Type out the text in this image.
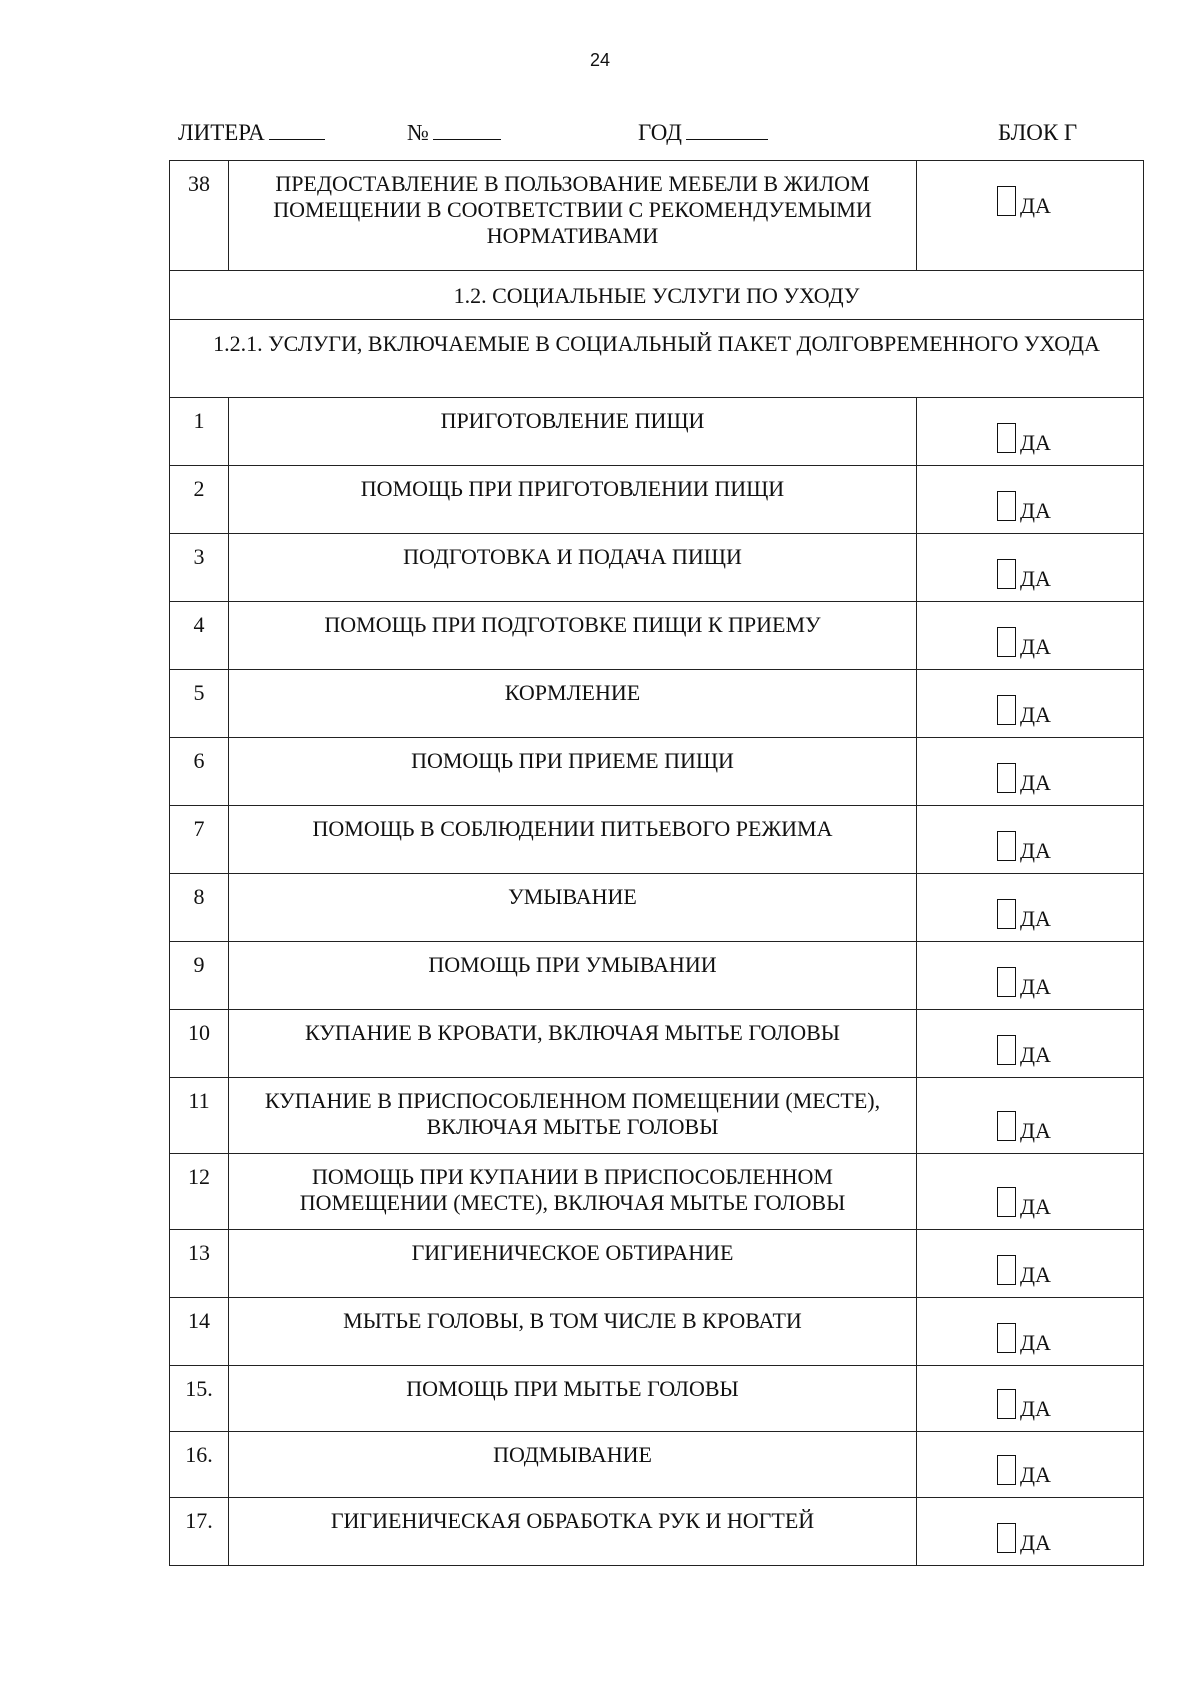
24
ЛИТЕРА	№	ГОД	БЛОК Г
38	ПРЕДОСТАВЛЕНИЕ В ПОЛЬЗОВАНИЕ МЕБЕЛИ В ЖИЛОМ ПОМЕЩЕНИИ В СООТВЕТСТВИИ С РЕКОМЕНДУЕМЫМИ НОРМАТИВАМИ	ДА

1.2. СОЦИАЛЬНЫЕ УСЛУГИ ПО УХОДУ		
1.2.1. УСЛУГИ, ВКЛЮЧАЕМЫЕ В СОЦИАЛЬНЫЙ ПАКЕТ ДОЛГОВРЕМЕННОГО УХОДА		
1	ПРИГОТОВЛЕНИЕ ПИЩИ	ДА

2	ПОМОЩЬ ПРИ ПРИГОТОВЛЕНИИ ПИЩИ	ДА

3	ПОДГОТОВКА И ПОДАЧА ПИЩИ	ДА

4	ПОМОЩЬ ПРИ ПОДГОТОВКЕ ПИЩИ К ПРИЕМУ	ДА

5	КОРМЛЕНИЕ	ДА

6	ПОМОЩЬ ПРИ ПРИЕМЕ ПИЩИ	ДА

7	ПОМОЩЬ В СОБЛЮДЕНИИ ПИТЬЕВОГО РЕЖИМА	ДА

8	УМЫВАНИЕ	ДА

9	ПОМОЩЬ ПРИ УМЫВАНИИ	ДА

10	КУПАНИЕ В КРОВАТИ, ВКЛЮЧАЯ МЫТЬЕ ГОЛОВЫ	ДА

11	КУПАНИЕ В ПРИСПОСОБЛЕННОМ ПОМЕЩЕНИИ (МЕСТЕ), ВКЛЮЧАЯ МЫТЬЕ ГОЛОВЫ	ДА

12	ПОМОЩЬ ПРИ КУПАНИИ В ПРИСПОСОБЛЕННОМ ПОМЕЩЕНИИ (МЕСТЕ), ВКЛЮЧАЯ МЫТЬЕ ГОЛОВЫ	ДА

13	ГИГИЕНИЧЕСКОЕ ОБТИРАНИЕ	ДА

14	МЫТЬЕ ГОЛОВЫ, В ТОМ ЧИСЛЕ В КРОВАТИ	ДА

15.	ПОМОЩЬ ПРИ МЫТЬЕ ГОЛОВЫ	ДА

16.	ПОДМЫВАНИЕ	ДА

17.	ГИГИЕНИЧЕСКАЯ ОБРАБОТКА РУК И НОГТЕЙ	ДА
